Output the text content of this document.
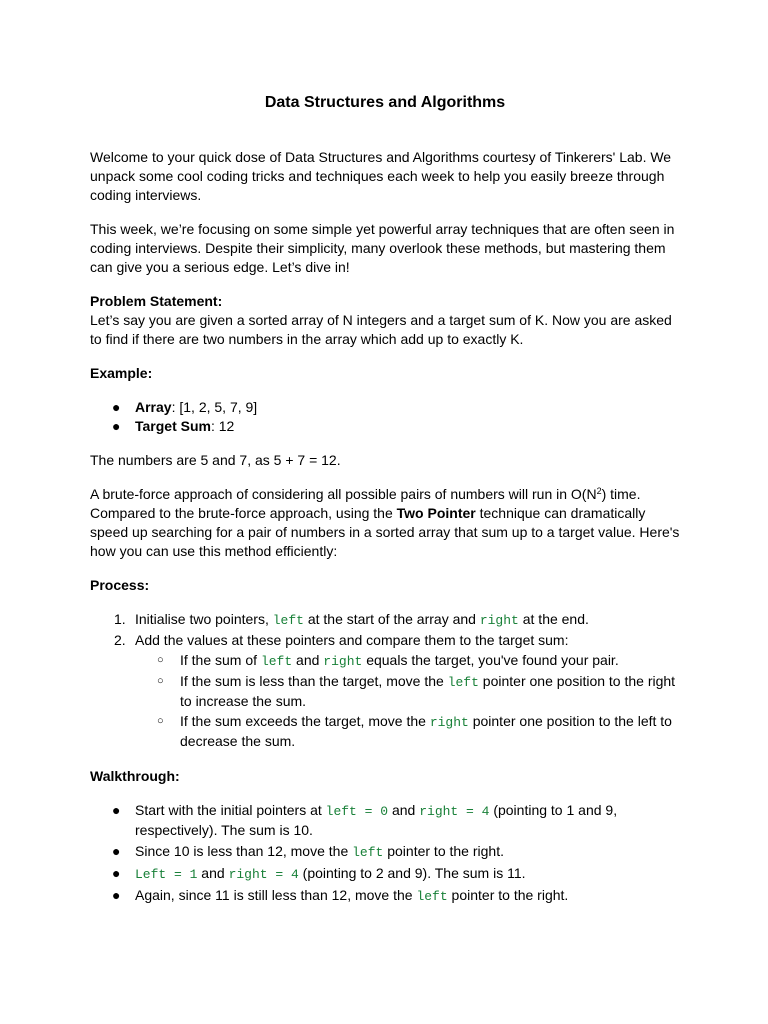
Data Structures and Algorithms

Welcome to your quick dose of Data Structures and Algorithms courtesy of Tinkerers' Lab. We unpack some cool coding tricks and techniques each week to help you easily breeze through coding interviews.

This week, we’re focusing on some simple yet powerful array techniques that are often seen in coding interviews. Despite their simplicity, many overlook these methods, but mastering them can give you a serious edge. Let’s dive in!

Problem Statement:

Let’s say you are given a sorted array of N integers and a target sum of K. Now you are asked to find if there are two numbers in the array which add up to exactly K.

Example:

● Array: [1, 2, 5, 7, 9]
● Target Sum: 12

The numbers are 5 and 7, as 5 + 7 = 12.

A brute-force approach of considering all possible pairs of numbers will run in $O(N^2)$ time. Compared to the brute-force approach, using the Two Pointer technique can dramatically speed up searching for a pair of numbers in a sorted array that sum up to a target value. Here's how you can use this method efficiently:

Process:

1. Initialise two pointers, left at the start of the array and right at the end.
2. Add the values at these pointers and compare them to the target sum:
○ If the sum of left and right equals the target, you've found your pair.
○ If the sum is less than the target, move the left pointer one position to the right to increase the sum.
○ If the sum exceeds the target, move the right pointer one position to the left to decrease the sum.

Walkthrough:

● Start with the initial pointers at left = 0 and right = 4 (pointing to 1 and 9, respectively). The sum is 10.
● Since 10 is less than 12, move the left pointer to the right.
● Left = 1 and right = 4 (pointing to 2 and 9). The sum is 11.
● Again, since 11 is still less than 12, move the left pointer to the right.
